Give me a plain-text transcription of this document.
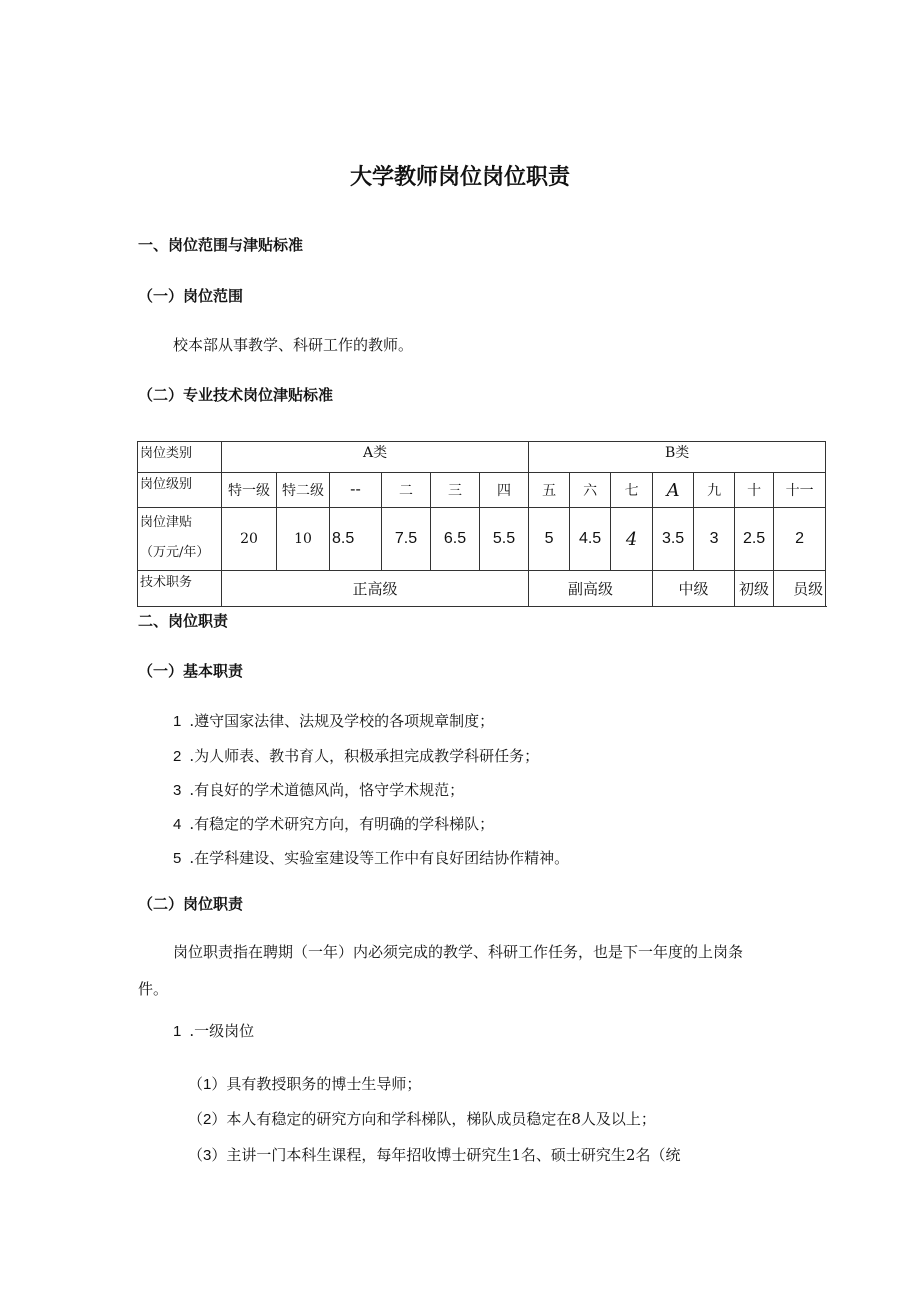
大学教师岗位岗位职责
一、岗位范围与津贴标准
（一）岗位范围
校本部从事教学、科研工作的教师。
（二）专业技术岗位津贴标准
岗位类别	A类						B类						
岗位级别	特一级	特二级	--	二	三	四	五	六	七	A	九	十	十一

岗位津贴
（万元/年）	20	10	8.5	7.5	6.5	5.5	5	4.5	4	3.5	3	2.5	2
技术职务	正高级						副高级			中级		初级	员级
二、岗位职责
（一）基本职责
1 .遵守国家法律、法规及学校的各项规章制度；
2 .为人师表、教书育人，积极承担完成教学科研任务；
3 .有良好的学术道德风尚，恪守学术规范；
4 .有稳定的学术研究方向，有明确的学科梯队；
5 .在学科建设、实验室建设等工作中有良好团结协作精神。
（二）岗位职责
岗位职责指在聘期（一年）内必须完成的教学、科研工作任务，也是下一年度的上岗条
件。
1 .一级岗位
（1）具有教授职务的博士生导师；
（2）本人有稳定的研究方向和学科梯队，梯队成员稳定在8人及以上；
（3）主讲一门本科生课程，每年招收博士研究生1名、硕士研究生2名（统
